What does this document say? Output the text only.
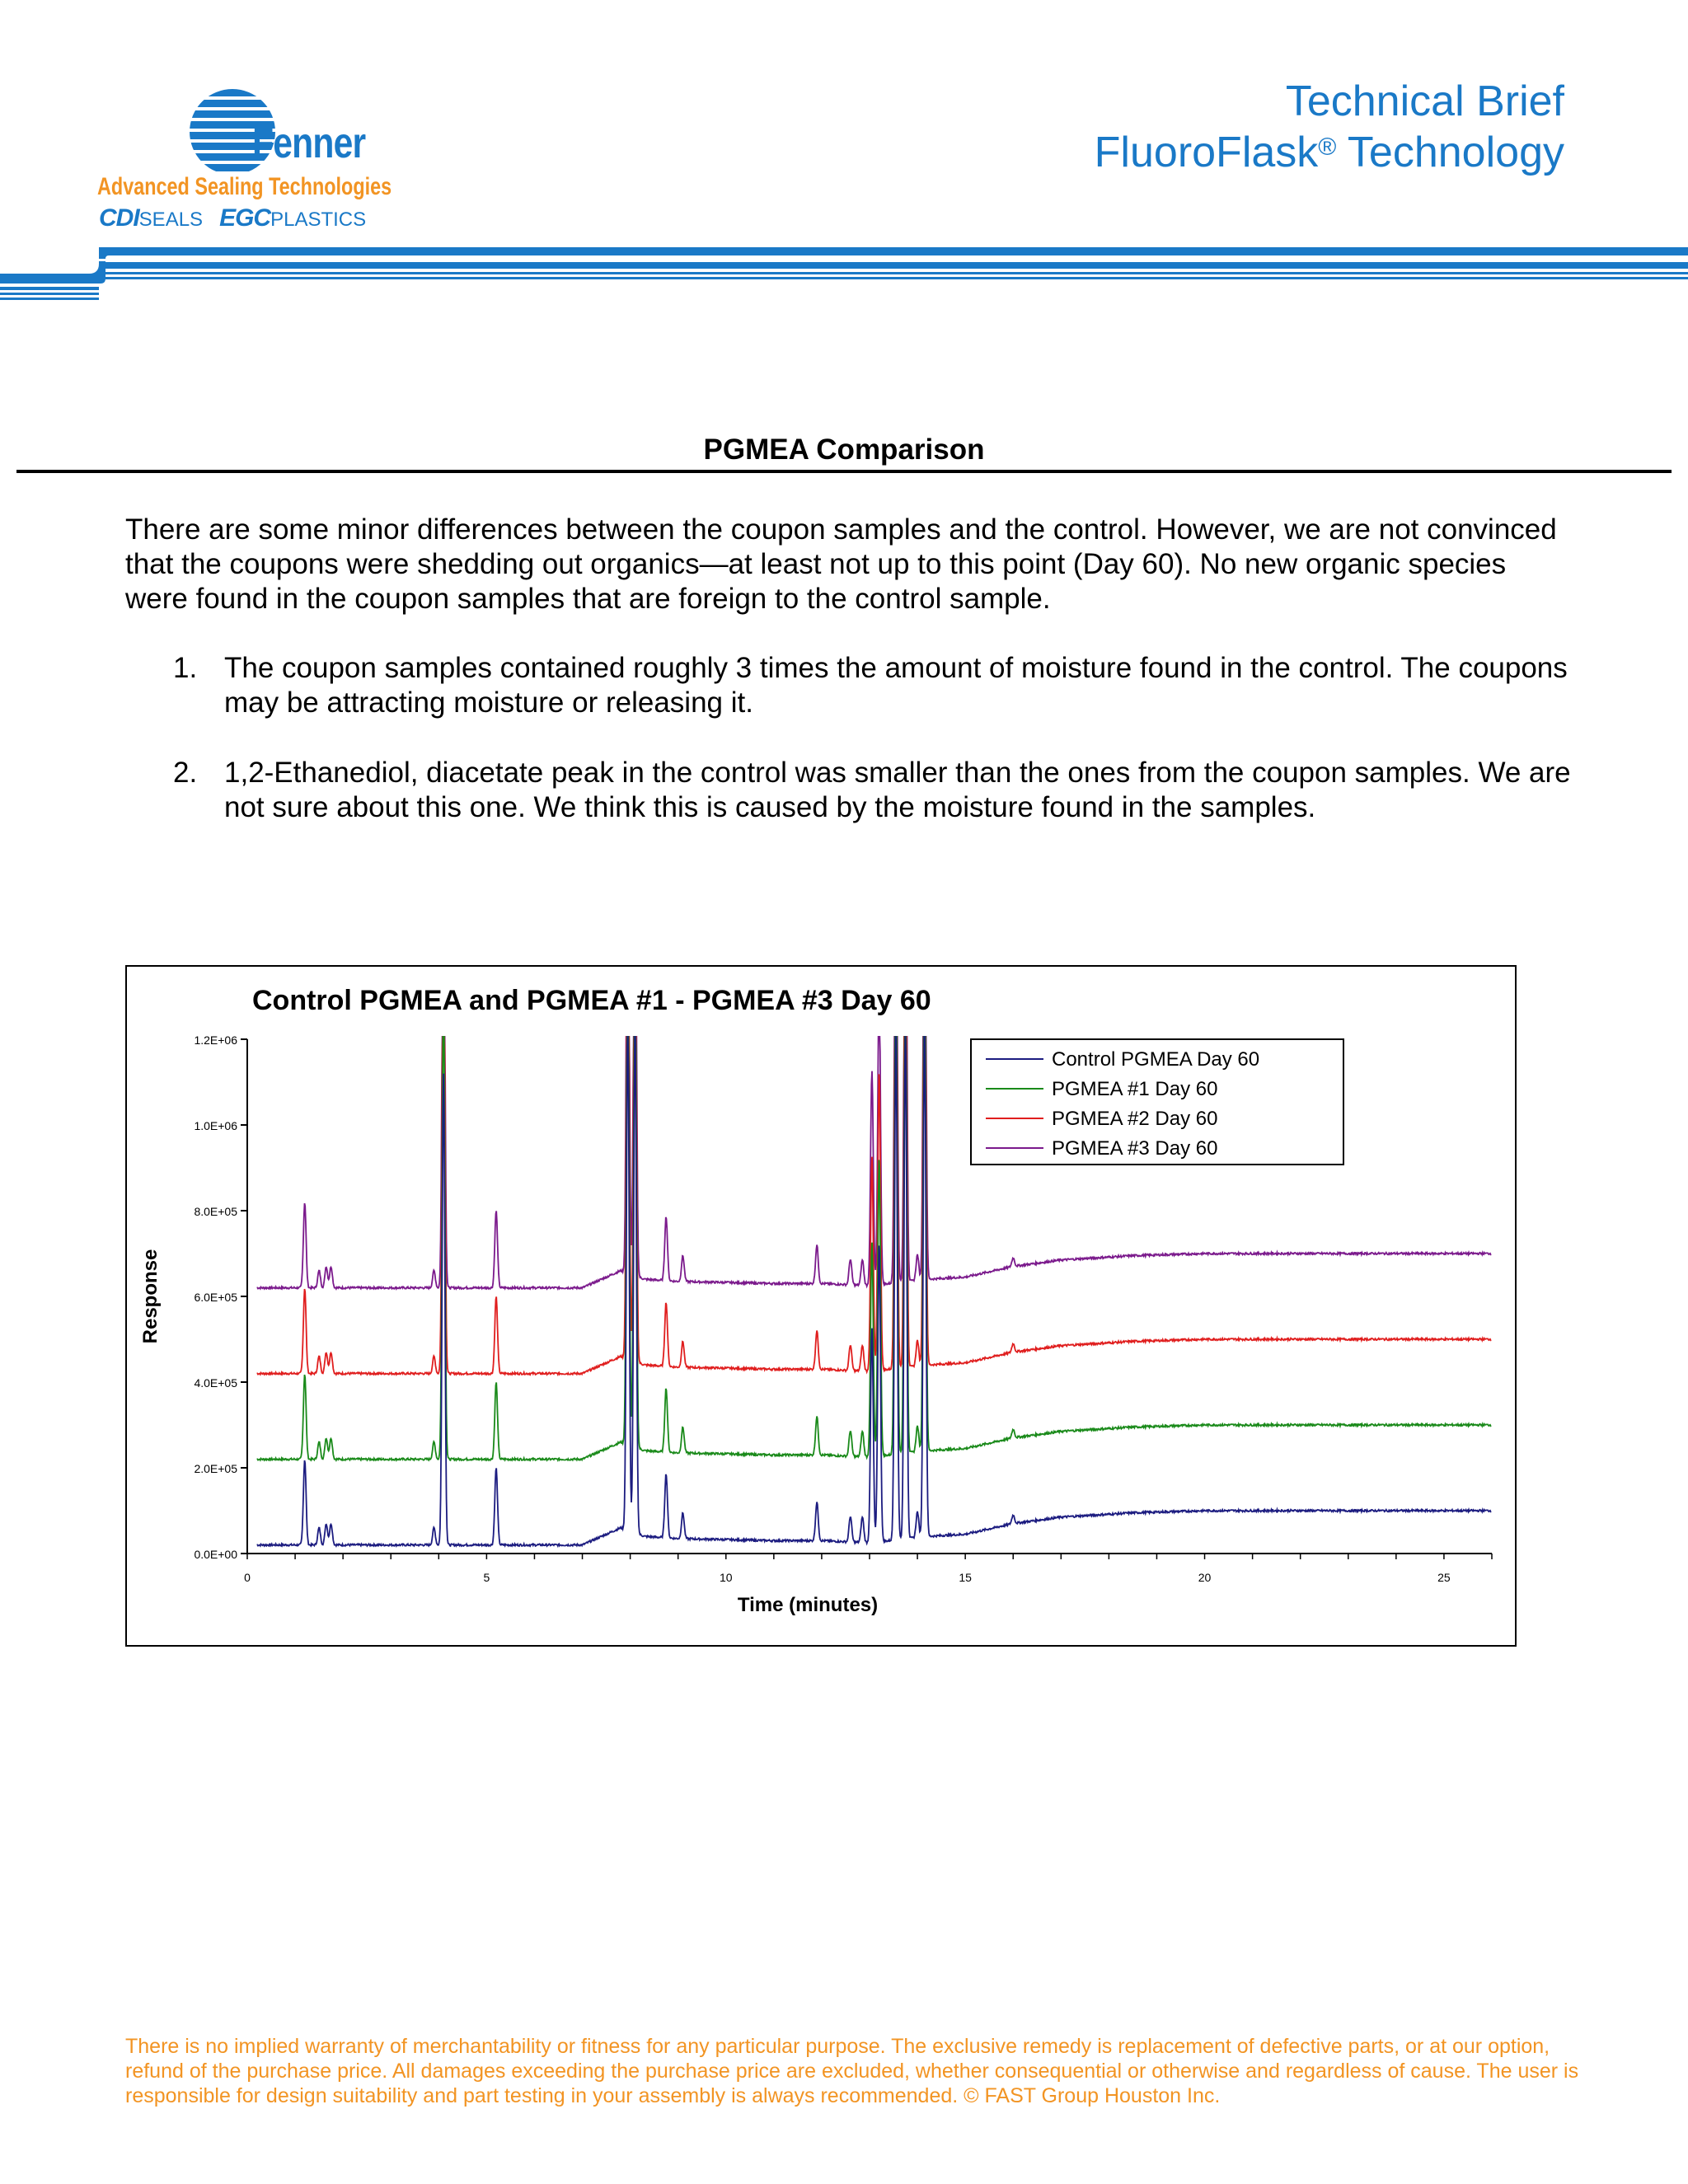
Fenner
Advanced Sealing Technologies
CDISEALS EGCPLASTICS
Technical Brief
FluoroFlask® Technology
PGMEA Comparison
There are some minor differences between the coupon samples and the control. However, we are not convinced that the coupons were shedding out organics—at least not up to this point (Day 60). No new organic species were found in the coupon samples that are foreign to the control sample.
1. The coupon samples contained roughly 3 times the amount of moisture found in the control. The coupons may be attracting moisture or releasing it.
2. 1,2-Ethanediol, diacetate peak in the control was smaller than the ones from the coupon samples. We are not sure about this one. We think this is caused by the moisture found in the samples.
Control PGMEA and PGMEA #1 - PGMEA #3 Day 60
Time (minutes)
Response
0.0E+00
2.0E+05
4.0E+05
6.0E+05
8.0E+05
1.0E+06
1.2E+06
0	5	10	15	20	25
Control PGMEA Day 60
PGMEA #1 Day 60
PGMEA #2 Day 60
PGMEA #3 Day 60
There is no implied warranty of merchantability or fitness for any particular purpose. The exclusive remedy is replacement of defective parts, or at our option, refund of the purchase price. All damages exceeding the purchase price are excluded, whether consequential or otherwise and regardless of cause. The user is responsible for design suitability and part testing in your assembly is always recommended. © FAST Group Houston Inc.
